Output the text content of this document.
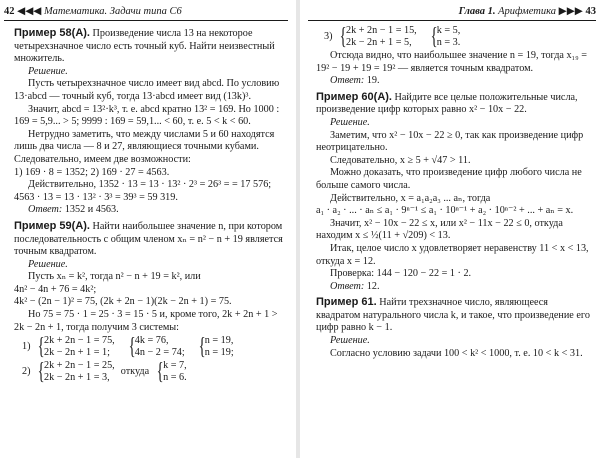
42 ◀◀◀ Математика. Задачи типа С6

Пример 58(А). Произведение числа 13 на некоторое четырехзначное число есть точный куб. Найти неизвестный множитель.

Решение.

Пусть четырехзначное число имеет вид abcd. По условию 13·abcd — точный куб, тогда 13·abcd имеет вид (13k)³.

Значит, abcd = 13²·k³, т. е. abcd кратно 13² = 169. Но 1000 : 169 = 5,9... > 5; 9999 : 169 = 59,1... < 60, т. е. 5 < k < 60.

Нетрудно заметить, что между числами 5 и 60 находятся лишь два числа — 8 и 27, являющиеся точными кубами. Следовательно, имеем две возможности:

1) 169 · 8 = 1352; 2) 169 · 27 = 4563.

Действительно, 1352 · 13 = 13 · 13² · 2³ = 26³ = = 17 576; 4563 · 13 = 13 · 13² · 3³ = 39³ = 59 319.

Ответ: 1352 и 4563.

Пример 59(А). Найти наибольшее значение n, при котором последовательность с общим членом xₙ = n² − n + 19 является точным квадратом.

Решение.

Пусть xₙ = k², тогда n² − n + 19 = k², или

4n² − 4n + 76 = 4k²;

4k² − (2n − 1)² = 75, (2k + 2n − 1)(2k − 2n + 1) = 75.

Но 75 = 75 · 1 = 25 · 3 = 15 · 5 и, кроме того, 2k + 2n + 1 > 2k − 2n + 1, тогда получим 3 системы:

1) { 2k + 2n − 1 = 75,
2k − 2n + 1 = 1; { 4k = 76,
4n − 2 = 74; { n = 19,
n = 19;
2) { 2k + 2n − 1 = 25,
2k − 2n + 1 = 3,
откуда { k = 7,
n = 6.
Глава 1. Арифметика ▶▶▶ 43
3) { 2k + 2n − 1 = 15,
2k − 2n + 1 = 5, { k = 5,
n = 3.

Отсюда видно, что наибольшее значение n = 19, тогда x₁₉ = 19² − 19 + 19 = 19² — является точным квадратом.

Ответ: 19.

Пример 60(А). Найдите все целые положительные числа, произведение цифр которых равно x² − 10x − 22.

Решение.

Заметим, что x² − 10x − 22 ≥ 0, так как произведение цифр неотрицательно.

Следовательно, x ≥ 5 + √47 > 11.

Можно доказать, что произведение цифр любого числа не больше самого числа.

Действительно, x = a₁a₂a₃ ... aₙ, тогда

a₁ · a₂ · ... · aₙ ≤ a₁ · 9ⁿ⁻¹ ≤ a₁ · 10ⁿ⁻¹ + a₂ · 10ⁿ⁻² + ... + aₙ = x.

Значит, x² − 10x − 22 ≤ x, или x² − 11x − 22 ≤ 0, откуда находим x ≤ ½(11 + √209) < 13.

Итак, целое число x удовлетворяет неравенству 11 < x < 13, откуда x = 12.

Проверка: 144 − 120 − 22 = 1 · 2.

Ответ: 12.

Пример 61. Найти трехзначное число, являющееся квадратом натурального числа k, и такое, что произведение его цифр равно k − 1.

Решение.

Согласно условию задачи 100 < k² < 1000, т. е. 10 < k < 31.
